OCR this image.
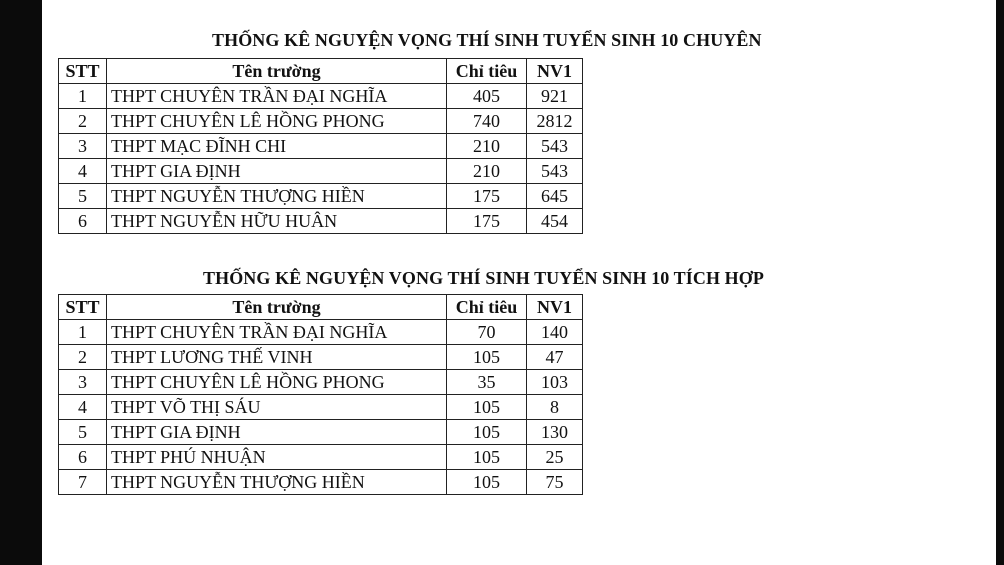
THỐNG KÊ NGUYỆN VỌNG THÍ SINH TUYỂN SINH 10 CHUYÊN
STT	Tên trường	Chỉ tiêu	NV1
1	THPT CHUYÊN TRẦN ĐẠI NGHĨA	405	921
2	THPT CHUYÊN LÊ HỒNG PHONG	740	2812
3	THPT MẠC ĐĨNH CHI	210	543
4	THPT GIA ĐỊNH	210	543
5	THPT NGUYỄN THƯỢNG HIỀN	175	645
6	THPT NGUYỄN HỮU HUÂN	175	454
THỐNG KÊ NGUYỆN VỌNG THÍ SINH TUYỂN SINH 10 TÍCH HỢP
STT	Tên trường	Chỉ tiêu	NV1
1	THPT CHUYÊN TRẦN ĐẠI NGHĨA	70	140
2	THPT LƯƠNG THẾ VINH	105	47
3	THPT CHUYÊN LÊ HỒNG PHONG	35	103
4	THPT VÕ THỊ SÁU	105	8
5	THPT GIA ĐỊNH	105	130
6	THPT PHÚ NHUẬN	105	25
7	THPT NGUYỄN THƯỢNG HIỀN	105	75
